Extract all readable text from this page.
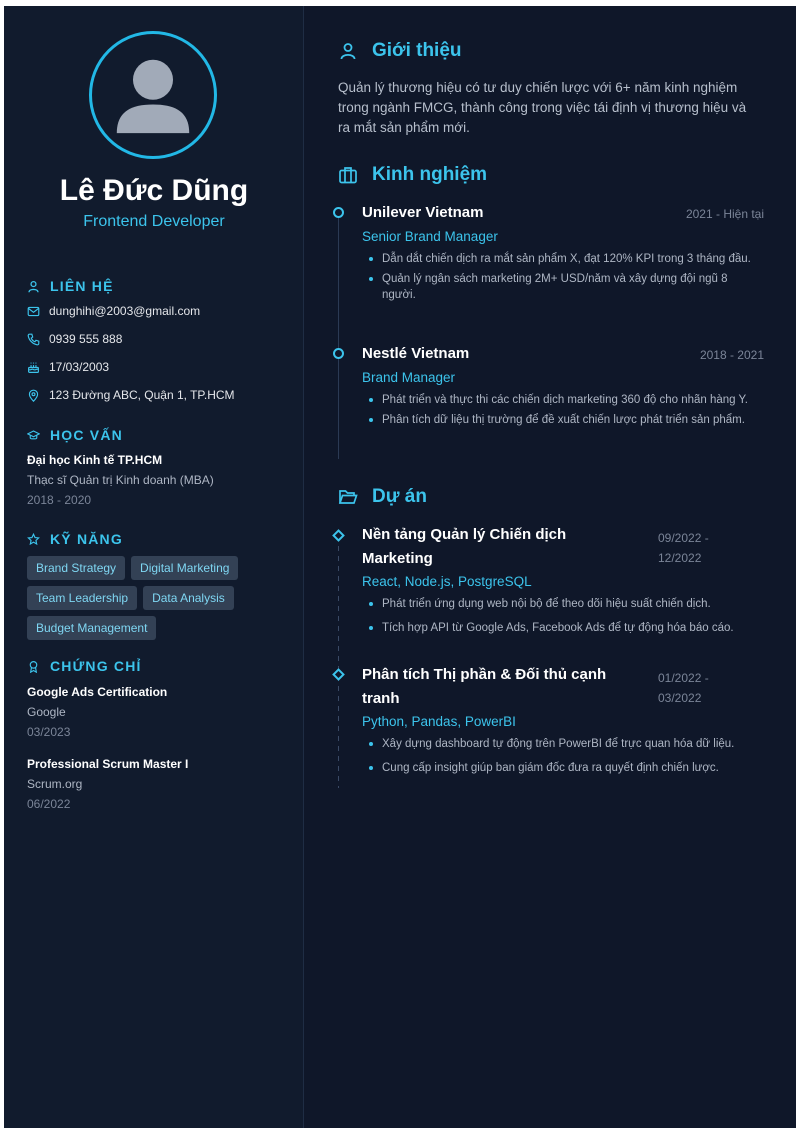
Lê Đức Dũng
Frontend Developer
LIÊN HỆ
dunghihi@2003@gmail.com
0939 555 888
17/03/2003
123 Đường ABC, Quận 1, TP.HCM
HỌC VẤN
Đại học Kinh tế TP.HCM
Thạc sĩ Quản trị Kinh doanh (MBA)
2018 - 2020
KỸ NĂNG
Brand Strategy	Digital Marketing
Team Leadership	Data Analysis
Budget Management
CHỨNG CHỈ
Google Ads Certification
Google
03/2023
Professional Scrum Master I
Scrum.org
06/2022
Giới thiệu
Quản lý thương hiệu có tư duy chiến lược với 6+ năm kinh nghiệm trong ngành FMCG, thành công trong việc tái định vị thương hiệu và ra mắt sản phẩm mới.
Kinh nghiệm
Unilever Vietnam	2021 - Hiện tại
Senior Brand Manager
Dẫn dắt chiến dịch ra mắt sản phẩm X, đạt 120% KPI trong 3 tháng đầu.
Quản lý ngân sách marketing 2M+ USD/năm và xây dựng đội ngũ 8 người.
Nestlé Vietnam	2018 - 2021
Brand Manager
Phát triển và thực thi các chiến dịch marketing 360 độ cho nhãn hàng Y.
Phân tích dữ liệu thị trường để đề xuất chiến lược phát triển sản phẩm.
Dự án
Nền tảng Quản lý Chiến dịch Marketing
09/2022 - 12/2022
React, Node.js, PostgreSQL
Phát triển ứng dụng web nội bộ để theo dõi hiệu suất chiến dịch.
Tích hợp API từ Google Ads, Facebook Ads để tự động hóa báo cáo.
Phân tích Thị phần & Đối thủ cạnh tranh
01/2022 - 03/2022
Python, Pandas, PowerBI
Xây dựng dashboard tự động trên PowerBI để trực quan hóa dữ liệu.
Cung cấp insight giúp ban giám đốc đưa ra quyết định chiến lược.
